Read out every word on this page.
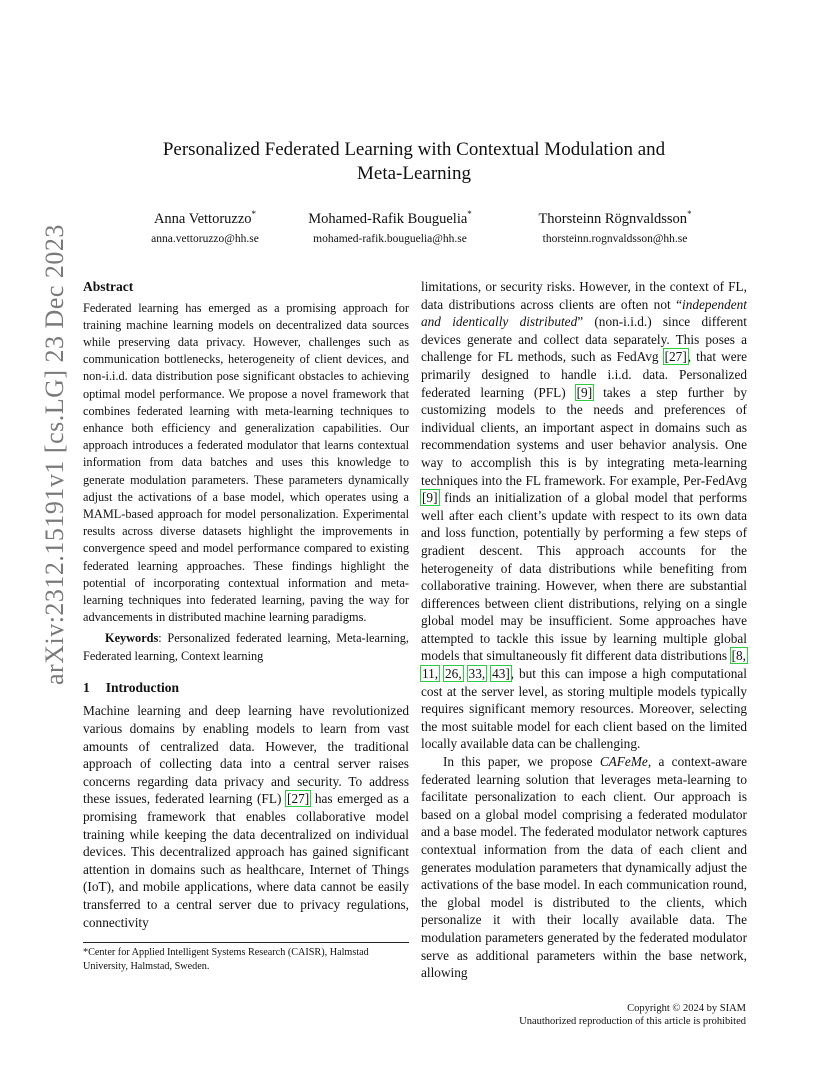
arXiv:2312.15191v1 [cs.LG] 23 Dec 2023
Personalized Federated Learning with Contextual Modulation and
Meta-Learning
Anna Vettoruzzo*
anna.vettoruzzo@hh.se
Mohamed-Rafik Bouguelia*
mohamed-rafik.bouguelia@hh.se
Thorsteinn Rögnvaldsson*
thorsteinn.rognvaldsson@hh.se
Abstract

Federated learning has emerged as a promising approach for training machine learning models on decentralized data sources while preserving data privacy. However, challenges such as communication bottlenecks, heterogeneity of client devices, and non-i.i.d. data distribution pose significant obstacles to achieving optimal model performance. We propose a novel framework that combines federated learning with meta-learning techniques to enhance both efficiency and generalization capabilities. Our approach introduces a federated modulator that learns contextual information from data batches and uses this knowledge to generate modulation parameters. These parameters dynamically adjust the activations of a base model, which operates using a MAML-based approach for model personalization. Experimental results across diverse datasets highlight the improvements in convergence speed and model performance compared to existing federated learning approaches. These findings highlight the potential of incorporating contextual information and meta-learning techniques into federated learning, paving the way for advancements in distributed machine learning paradigms.

Keywords: Personalized federated learning, Meta-learning, Federated learning, Context learning

1 Introduction

Machine learning and deep learning have revolutionized various domains by enabling models to learn from vast amounts of centralized data. However, the traditional approach of collecting data into a central server raises concerns regarding data privacy and security. To address these issues, federated learning (FL) [27] has emerged as a promising framework that enables collaborative model training while keeping the data decentralized on individual devices. This decentralized approach has gained significant attention in domains such as healthcare, Internet of Things (IoT), and mobile applications, where data cannot be easily transferred to a central server due to privacy regulations, connectivity

limitations, or security risks. However, in the context of FL, data distributions across clients are often not “independent and identically distributed” (non-i.i.d.) since different devices generate and collect data separately. This poses a challenge for FL methods, such as FedAvg [27], that were primarily designed to handle i.i.d. data. Personalized federated learning (PFL) [9] takes a step further by customizing models to the needs and preferences of individual clients, an important aspect in domains such as recommendation systems and user behavior analysis. One way to accomplish this is by integrating meta-learning techniques into the FL framework. For example, Per-FedAvg [9] finds an initialization of a global model that performs well after each client’s update with respect to its own data and loss function, potentially by performing a few steps of gradient descent. This approach accounts for the heterogeneity of data distributions while benefiting from collaborative training. However, when there are substantial differences between client distributions, relying on a single global model may be insufficient. Some approaches have attempted to tackle this issue by learning multiple global models that simultaneously fit different data distributions [8, 11, 26, 33, 43], but this can impose a high computational cost at the server level, as storing multiple models typically requires significant memory resources. Moreover, selecting the most suitable model for each client based on the limited locally available data can be challenging.

In this paper, we propose CAFeMe, a context-aware federated learning solution that leverages meta-learning to facilitate personalization to each client. Our approach is based on a global model comprising a federated modulator and a base model. The federated modulator network captures contextual information from the data of each client and generates modulation parameters that dynamically adjust the activations of the base model. In each communication round, the global model is distributed to the clients, which personalize it with their locally available data. The modulation parameters generated by the federated modulator serve as additional parameters within the base network, allowing

*Center for Applied Intelligent Systems Research (CAISR), Halmstad University, Halmstad, Sweden.
Copyright © 2024 by SIAM
Unauthorized reproduction of this article is prohibited
